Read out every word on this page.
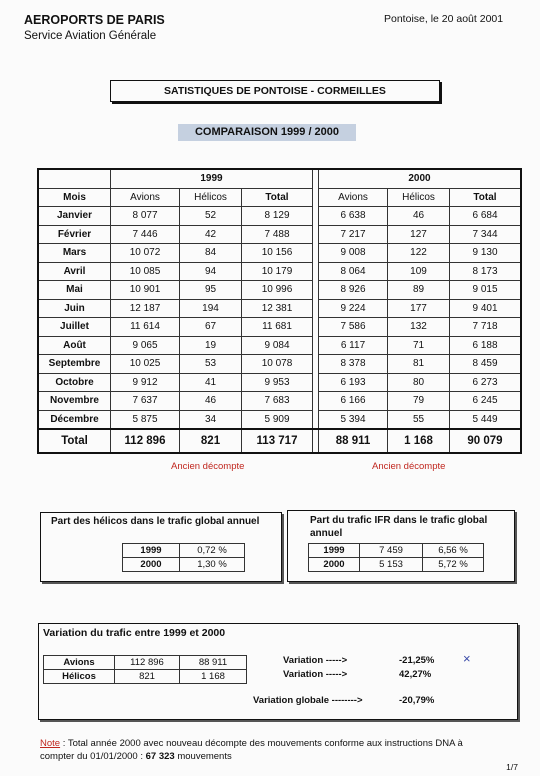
AEROPORTS DE PARIS
Service Aviation Générale
Pontoise, le 20 août 2001
SATISTIQUES DE PONTOISE - CORMEILLES
COMPARAISON 1999 / 2000
	1999				2000		
Mois	Avions	Hélicos	Total		Avions	Hélicos	Total
Janvier	8 077	52	8 129		6 638	46	6 684
Février	7 446	42	7 488		7 217	127	7 344
Mars	10 072	84	10 156		9 008	122	9 130
Avril	10 085	94	10 179		8 064	109	8 173
Mai	10 901	95	10 996		8 926	89	9 015
Juin	12 187	194	12 381		9 224	177	9 401
Juillet	11 614	67	11 681		7 586	132	7 718
Août	9 065	19	9 084		6 117	71	6 188
Septembre	10 025	53	10 078		8 378	81	8 459
Octobre	9 912	41	9 953		6 193	80	6 273
Novembre	7 637	46	7 683		6 166	79	6 245
Décembre	5 875	34	5 909		5 394	55	5 449
Total	112 896	821	113 717		88 911	1 168	90 079
Ancien décompte	Ancien décompte
Part des hélicos dans le trafic global annuel
1999	0,72 %
2000	1,30 %
Part du trafic IFR dans le trafic global annuel
1999	7 459	6,56 %
2000	5 153	5,72 %
Variation du trafic entre 1999 et 2000
Avions	112 896	88 911
Hélicos	821	1 168
Variation ----->	-21,25%
Variation ----->	42,27%
Variation globale -------->	-20,79%
×
Note : Total année 2000 avec nouveau décompte des mouvements conforme aux instructions DNA à
compter du 01/01/2000 : 67 323 mouvements
1/7
